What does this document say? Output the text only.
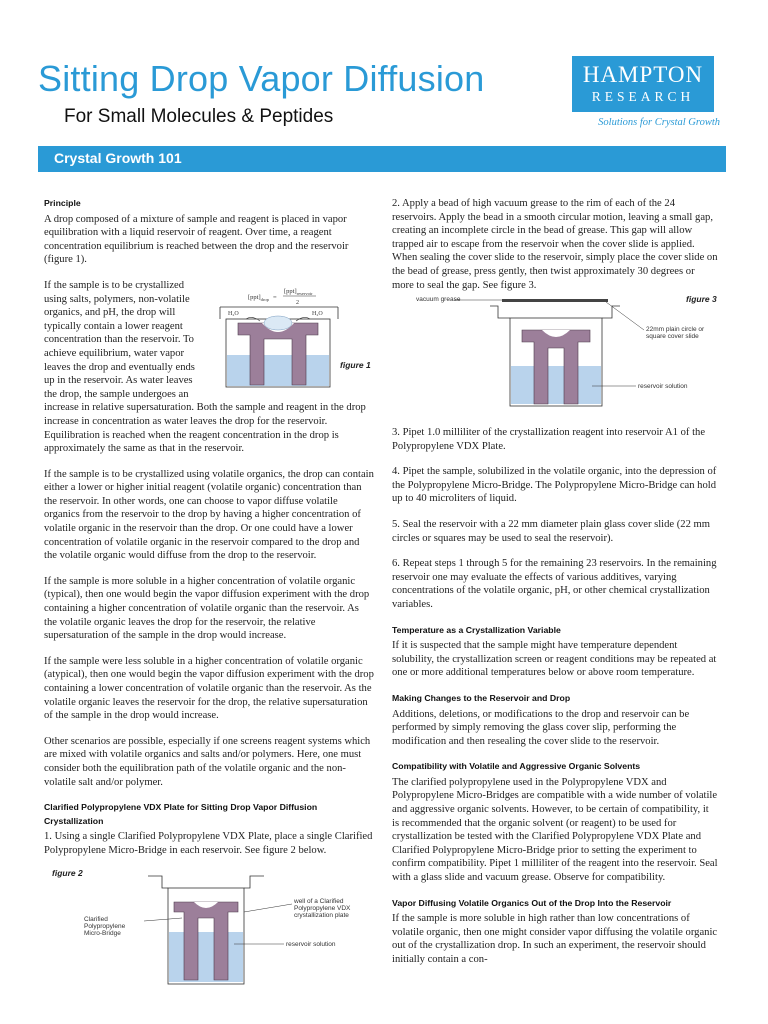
Sitting Drop Vapor Diffusion
For Small Molecules & Peptides
HAMPTON
RESEARCH
Solutions for Crystal Growth
Crystal Growth 101
Principle

A drop composed of a mixture of sample and reagent is placed in vapor equilibration with a liquid reservoir of reagent. Over time, a reagent concentration equilibrium is reached between the drop and the reservoir (figure 1).

$[ppt]_{drop}$ =
$[ppt]_{reservoir}$
2
H₂O	H₂O
figure 1

If the sample is to be crystallized using salts, polymers, non-volatile organics, and pH, the drop will typically contain a lower reagent concentration than the reservoir. To achieve equilibrium, water vapor leaves the drop and eventually ends up in the reservoir. As water leaves the drop, the sample undergoes an increase in relative supersaturation. Both the sample and reagent in the drop increase in concentration as water leaves the drop for the reservoir. Equilibration is reached when the reagent concentration in the drop is approximately the same as that in the reservoir.

If the sample is to be crystallized using volatile organics, the drop can contain either a lower or higher initial reagent (volatile organic) concentration than the reservoir. In other words, one can choose to vapor diffuse volatile organics from the reservoir to the drop by having a higher concentration of volatile organic in the reservoir than the drop. Or one could have a lower concentration of volatile organic in the reservoir compared to the drop and the volatile organic would diffuse from the drop to the reservoir.

If the sample is more soluble in a higher concentration of volatile organic (typical), then one would begin the vapor diffusion experiment with the drop containing a higher concentration of volatile organic than the reservoir. As the volatile organic leaves the drop for the reservoir, the relative supersaturation of the sample in the drop would increase.

If the sample were less soluble in a higher concentration of volatile organic (atypical), then one would begin the vapor diffusion experiment with the drop containing a lower concentration of volatile organic than the reservoir. As the volatile organic leaves the reservoir for the drop, the relative supersaturation of the sample in the drop would increase.

Other scenarios are possible, especially if one screens reagent systems which are mixed with volatile organics and salts and/or polymers. Here, one must consider both the equilibration path of the volatile organic and the non-volatile salt and/or polymer.

Clarified Polypropylene VDX Plate for Sitting Drop Vapor Diffusion Crystallization

1. Using a single Clarified Polypropylene VDX Plate, place a single Clarified Polypropylene Micro-Bridge in each reservoir. See figure 2 below.

figure 2
Clarified Polypropylene Micro-Bridge
well of a Clarified Polypropylene VDX crystallization plate
reservoir solution

2. Apply a bead of high vacuum grease to the rim of each of the 24 reservoirs. Apply the bead in a smooth circular motion, leaving a small gap, creating an incomplete circle in the bead of grease. This gap will allow trapped air to escape from the reservoir when the cover slide is applied. When sealing the cover slide to the reservoir, simply place the cover slide on the bead of grease, press gently, then twist approximately 30 degrees or more to seal the gap. See figure 3.

figure 3
vacuum grease
22mm plain circle or square cover slide
reservoir solution

3. Pipet 1.0 milliliter of the crystallization reagent into reservoir A1 of the Polypropylene VDX Plate.

4. Pipet the sample, solubilized in the volatile organic, into the depression of the Polypropylene Micro-Bridge. The Polypropylene Micro-Bridge can hold up to 40 microliters of liquid.

5. Seal the reservoir with a 22 mm diameter plain glass cover slide (22 mm circles or squares may be used to seal the reservoir).

6. Repeat steps 1 through 5 for the remaining 23 reservoirs. In the remaining reservoir one may evaluate the effects of various additives, varying concentrations of the volatile organic, pH, or other chemical crystallization variables.

Temperature as a Crystallization Variable

If it is suspected that the sample might have temperature dependent solubility, the crystallization screen or reagent conditions may be repeated at one or more additional temperatures below or above room temperature.

Making Changes to the Reservoir and Drop

Additions, deletions, or modifications to the drop and reservoir can be performed by simply removing the glass cover slip, performing the modification and then resealing the cover slide to the reservoir.

Compatibility with Volatile and Aggressive Organic Solvents

The clarified polypropylene used in the Polypropylene VDX and Polypropylene Micro-Bridges are compatible with a wide number of volatile and aggressive organic solvents. However, to be certain of compatibility, it is recommended that the organic solvent (or reagent) to be used for crystallization be tested with the Clarified Polypropylene VDX Plate and Clarified Polypropylene Micro-Bridge prior to setting the experiment to confirm compatibility. Pipet 1 milliliter of the reagent into the reservoir. Seal with a glass slide and vacuum grease. Observe for compatibility.

Vapor Diffusing Volatile Organics Out of the Drop Into the Reservoir

If the sample is more soluble in high rather than low concentrations of volatile organic, then one might consider vapor diffusing the volatile organic out of the crystallization drop. In such an experiment, the reservoir should initially contain a con-
